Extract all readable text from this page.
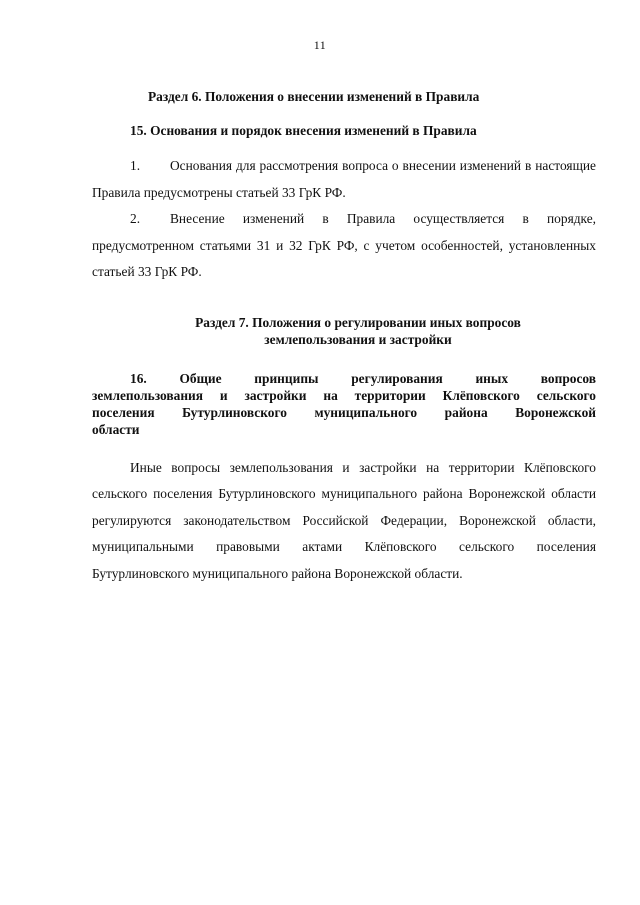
11

Раздел 6. Положения о внесении изменений в Правила

15. Основания и порядок внесения изменений в Правила

1. Основания для рассмотрения вопроса о внесении изменений в настоящие Правила предусмотрены статьей 33 ГрК РФ.

2. Внесение изменений в Правила осуществляется в порядке, предусмотренном статьями 31 и 32 ГрК РФ, с учетом особенностей, установленных статьей 33 ГрК РФ.

Раздел 7. Положения о регулировании иных вопросов

землепользования и застройки

16. Общие принципы регулирования иных вопросов
землепользования и застройки на территории Клёповского сельского
поселения Бутурлиновского муниципального района Воронежской
области

Иные вопросы землепользования и застройки на территории Клёповского сельского поселения Бутурлиновского муниципального района Воронежской области регулируются законодательством Российской Федерации, Воронежской области, муниципальными правовыми актами Клёповского сельского поселения Бутурлиновского муниципального района Воронежской области.
